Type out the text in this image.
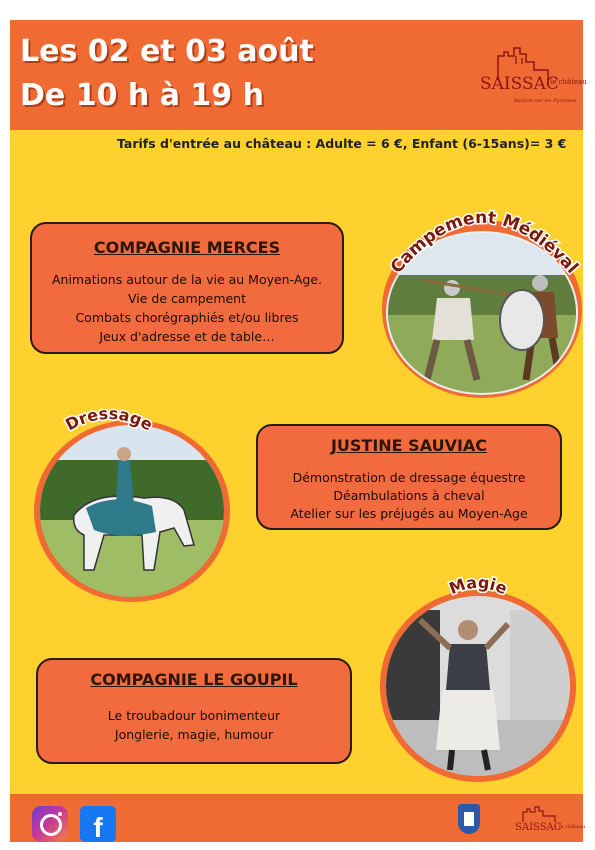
Les 02 et 03 août
De 10 h à 19 h	SAISSAC
le château
Bastion sur les Pyrénées
Tarifs d'entrée au château : Adulte = 6 €, Enfant (6-15ans)= 3 €
COMPAGNIE MERCES
Animations autour de la vie au Moyen-Age.
Vie de campement
Combats chorégraphiés et/ou libres
Jeux d'adresse et de table…
Campement Médiéval
Dressage
JUSTINE SAUVIAC
Démonstration de dressage équestre
Déambulations à cheval
Atelier sur les préjugés au Moyen-Age
Magie
COMPAGNIE LE GOUPIL
Le troubadour bonimenteur
Jonglerie, magie, humour
f	SAISSAC
le château
